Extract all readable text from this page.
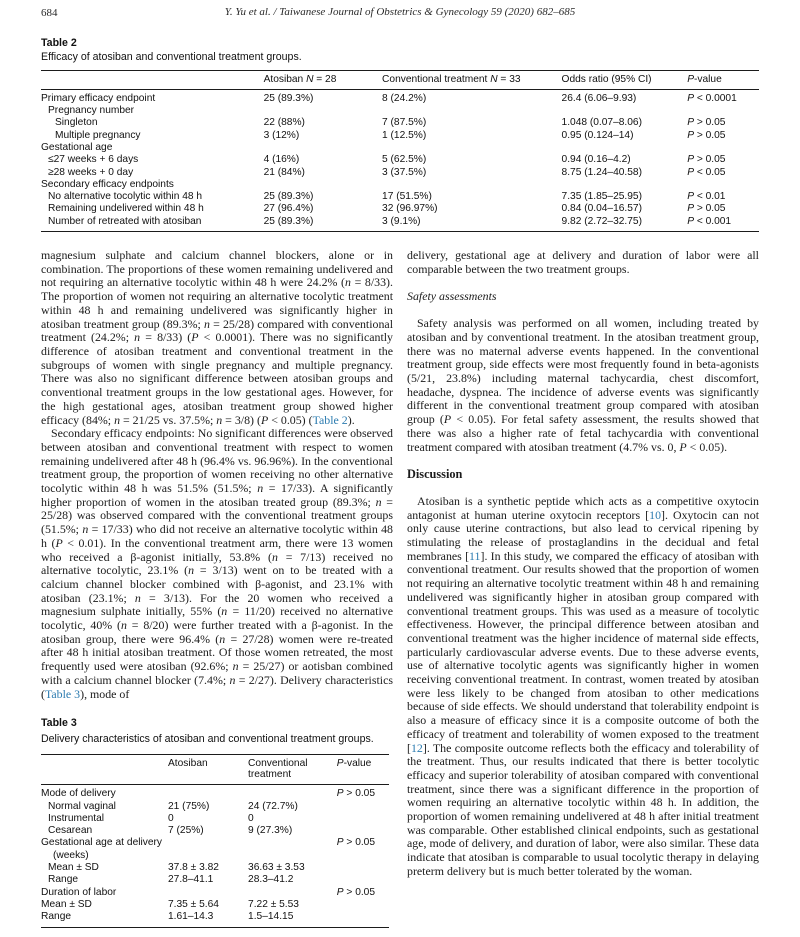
684	Y. Yu et al. / Taiwanese Journal of Obstetrics & Gynecology 59 (2020) 682–685
Table 2
Efficacy of atosiban and conventional treatment groups.
	Atosiban N = 28	Conventional treatment N = 33	Odds ratio (95% CI)	P-value
Primary efficacy endpoint	25 (89.3%)	8 (24.2%)	26.4 (6.06–9.93)	P < 0.0001
Pregnancy number				
Singleton	22 (88%)	7 (87.5%)	1.048 (0.07–8.06)	P > 0.05
Multiple pregnancy	3 (12%)	1 (12.5%)	0.95 (0.124–14)	P > 0.05
Gestational age				
≤27 weeks + 6 days	4 (16%)	5 (62.5%)	0.94 (0.16–4.2)	P > 0.05
≥28 weeks + 0 day	21 (84%)	3 (37.5%)	8.75 (1.24–40.58)	P < 0.05
Secondary efficacy endpoints				
No alternative tocolytic within 48 h	25 (89.3%)	17 (51.5%)	7.35 (1.85–25.95)	P < 0.01
Remaining undelivered within 48 h	27 (96.4%)	32 (96.97%)	0.84 (0.04–16.57)	P > 0.05
Number of retreated with atosiban	25 (89.3%)	3 (9.1%)	9.82 (2.72–32.75)	P < 0.001

magnesium sulphate and calcium channel blockers, alone or in combination. The proportions of these women remaining undelivered and not requiring an alternative tocolytic within 48 h were 24.2% (n = 8/33). The proportion of women not requiring an alternative tocolytic treatment within 48 h and remaining undelivered was significantly higher in atosiban treatment group (89.3%; n = 25/28) compared with conventional treatment (24.2%; n = 8/33) (P < 0.0001). There was no significantly difference of atosiban treatment and conventional treatment in the subgroups of women with single pregnancy and multiple pregnancy. There was also no significant difference between atosiban groups and conventional treatment groups in the low gestational ages. However, for the high gestational ages, atosiban treatment group showed higher efficacy (84%; n = 21/25 vs. 37.5%; n = 3/8) (P < 0.05) (Table 2).

Secondary efficacy endpoints: No significant differences were observed between atosiban and conventional treatment with respect to women remaining undelivered after 48 h (96.4% vs. 96.96%). In the conventional treatment group, the proportion of women receiving no other alternative tocolytic within 48 h was 51.5% (51.5%; n = 17/33). A significantly higher proportion of women in the atosiban treated group (89.3%; n = 25/28) was observed compared with the conventional treatment groups (51.5%; n = 17/33) who did not receive an alternative tocolytic within 48 h (P < 0.01). In the conventional treatment arm, there were 13 women who received a β-agonist initially, 53.8% (n = 7/13) received no alternative tocolytic, 23.1% (n = 3/13) went on to be treated with a calcium channel blocker combined with β-agonist, and 23.1% with atosiban (23.1%; n = 3/13). For the 20 women who received a magnesium sulphate initially, 55% (n = 11/20) received no alternative tocolytic, 40% (n = 8/20) were further treated with a β-agonist. In the atosiban group, there were 96.4% (n = 27/28) women were re-treated after 48 h initial atosiban treatment. Of those women retreated, the most frequently used were atosiban (92.6%; n = 25/27) or aotisban combined with a calcium channel blocker (7.4%; n = 2/27). Delivery characteristics (Table 3), mode of

Table 3
Delivery characteristics of atosiban and conventional treatment groups.
	Atosiban	Conventional treatment	P-value
Mode of delivery			P > 0.05
Normal vaginal	21 (75%)	24 (72.7%)	
Instrumental	0	0	
Cesarean	7 (25%)	9 (27.3%)	
Gestational age at delivery (weeks)			P > 0.05
Mean ± SD	37.8 ± 3.82	36.63 ± 3.53	
Range	27.8–41.1	28.3–41.2	
Duration of labor			P > 0.05
Mean ± SD	7.35 ± 5.64	7.22 ± 5.53	
Range	1.61–14.3	1.5–14.15	

delivery, gestational age at delivery and duration of labor were all comparable between the two treatment groups.

Safety assessments

Safety analysis was performed on all women, including treated by atosiban and by conventional treatment. In the atosiban treatment group, there was no maternal adverse events happened. In the conventional treatment group, side effects were most frequently found in beta-agonists (5/21, 23.8%) including maternal tachycardia, chest discomfort, headache, dyspnea. The incidence of adverse events was significantly different in the conventional treatment group compared with atosiban group (P < 0.05). For fetal safety assessment, the results showed that there was also a higher rate of fetal tachycardia with conventional treatment compared with atosiban treatment (4.7% vs. 0, P < 0.05).

Discussion

Atosiban is a synthetic peptide which acts as a competitive oxytocin antagonist at human uterine oxytocin receptors [10]. Oxytocin can not only cause uterine contractions, but also lead to cervical ripening by stimulating the release of prostaglandins in the decidual and fetal membranes [11]. In this study, we compared the efficacy of atosiban with conventional treatment. Our results showed that the proportion of women not requiring an alternative tocolytic treatment within 48 h and remaining undelivered was significantly higher in atosiban group compared with conventional treatment groups. This was used as a measure of tocolytic effectiveness. However, the principal difference between atosiban and conventional treatment was the higher incidence of maternal side effects, particularly cardiovascular adverse events. Due to these adverse events, use of alternative tocolytic agents was significantly higher in women receiving conventional treatment. In contrast, women treated by atosiban were less likely to be changed from atosiban to other medications because of side effects. We should understand that tolerability endpoint is also a measure of efficacy since it is a composite outcome of both the efficacy of treatment and tolerability of women exposed to the treatment [12]. The composite outcome reflects both the efficacy and tolerability of the treatment. Thus, our results indicated that there is better tocolytic efficacy and superior tolerability of atosiban compared with conventional treatment, since there was a significant difference in the proportion of women requiring an alternative tocolytic within 48 h. In addition, the proportion of women remaining undelivered at 48 h after initial treatment was comparable. Other established clinical endpoints, such as gestational age, mode of delivery, and duration of labor, were also similar. These data indicate that atosiban is comparable to usual tocolytic therapy in delaying preterm delivery but is much better tolerated by the woman.
